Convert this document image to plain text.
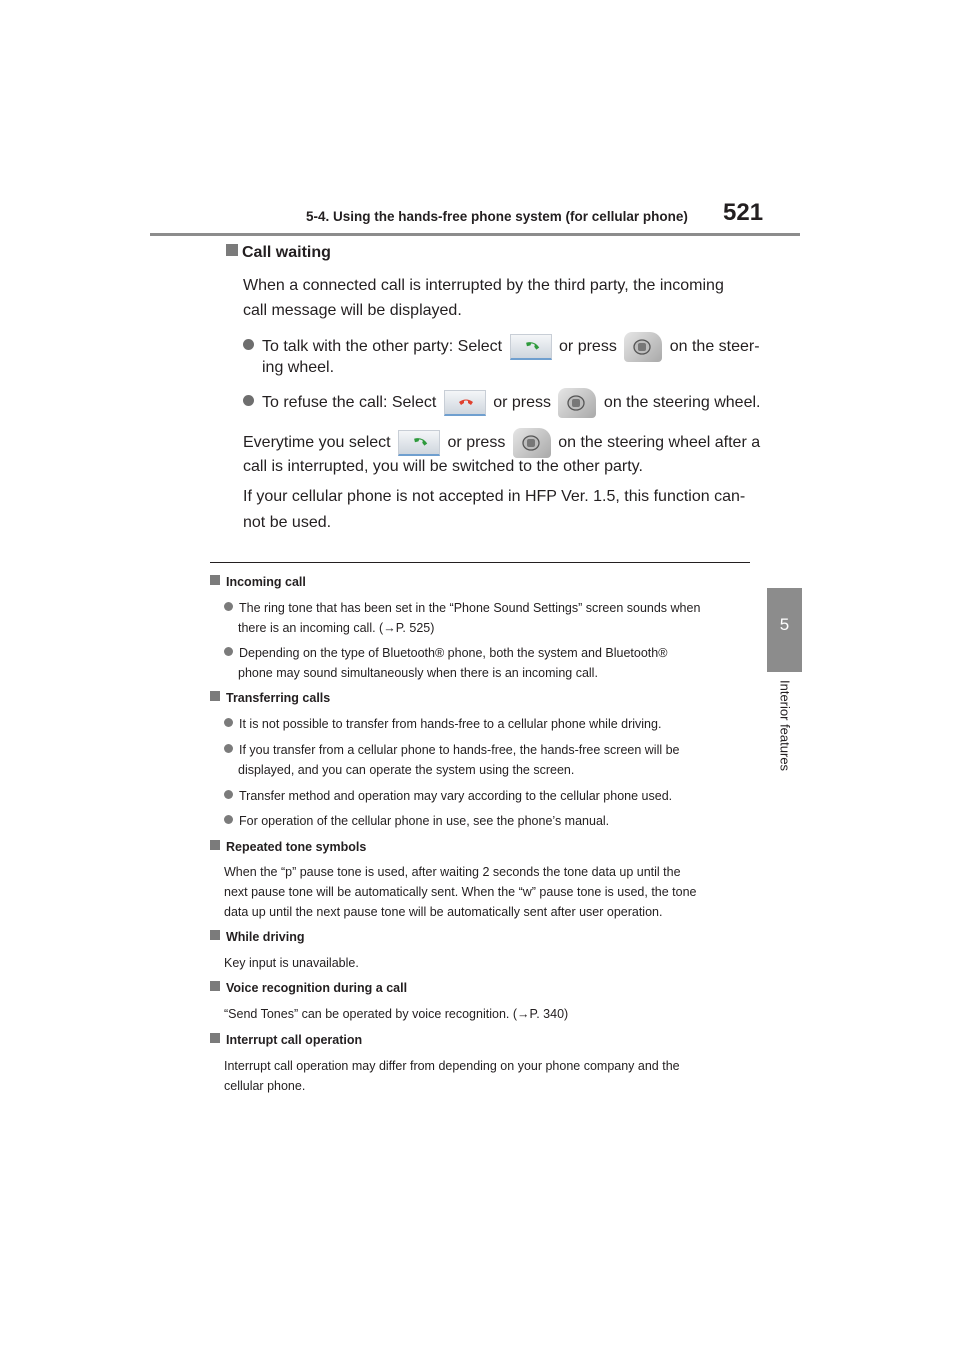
5-4. Using the hands-free phone system (for cellular phone) 521
5
Interior features
Call waiting
When a connected call is interrupted by the third party, the incoming
call message will be displayed.
To talk with the other party: Select	or press	on the steer-
ing wheel.
To refuse the call: Select	or press	on the steering wheel.
Everytime you select	or press	on the steering wheel after a
call is interrupted, you will be switched to the other party.
If your cellular phone is not accepted in HFP Ver. 1.5, this function can-
not be used.
Incoming call
The ring tone that has been set in the “Phone Sound Settings” screen sounds when
there is an incoming call. (→P. 525)
Depending on the type of Bluetooth® phone, both the system and Bluetooth®
phone may sound simultaneously when there is an incoming call.
Transferring calls
It is not possible to transfer from hands-free to a cellular phone while driving.
If you transfer from a cellular phone to hands-free, the hands-free screen will be
displayed, and you can operate the system using the screen.
Transfer method and operation may vary according to the cellular phone used.
For operation of the cellular phone in use, see the phone’s manual.
Repeated tone symbols
When the “p” pause tone is used, after waiting 2 seconds the tone data up until the
next pause tone will be automatically sent. When the “w” pause tone is used, the tone
data up until the next pause tone will be automatically sent after user operation.
While driving
Key input is unavailable.
Voice recognition during a call
“Send Tones” can be operated by voice recognition. (→P. 340)
Interrupt call operation
Interrupt call operation may differ from depending on your phone company and the
cellular phone.
